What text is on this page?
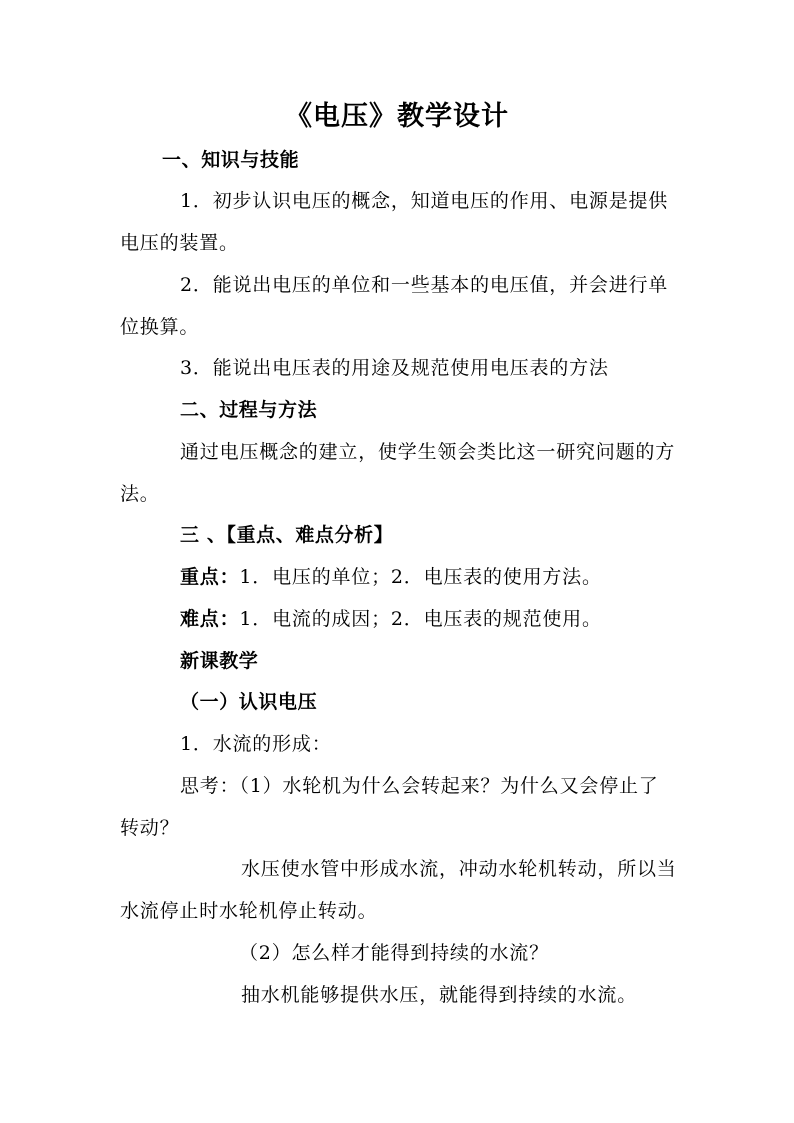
《电压》教学设计
一、知识与技能
1．初步认识电压的概念，知道电压的作用、电源是提供
电压的装置。
2．能说出电压的单位和一些基本的电压值，并会进行单
位换算。
3．能说出电压表的用途及规范使用电压表的方法
二、过程与方法
通过电压概念的建立，使学生领会类比这一研究问题的方
法。
三 、【重点、难点分析】
重点：1．电压的单位；2．电压表的使用方法。
难点：1．电流的成因；2．电压表的规范使用。
新课教学
（一）认识电压
1．水流的形成：
思考：（1）水轮机为什么会转起来？为什么又会停止了
转动？
水压使水管中形成水流，冲动水轮机转动，所以当
水流停止时水轮机停止转动。
（2）怎么样才能得到持续的水流？
抽水机能够提供水压，就能得到持续的水流。
